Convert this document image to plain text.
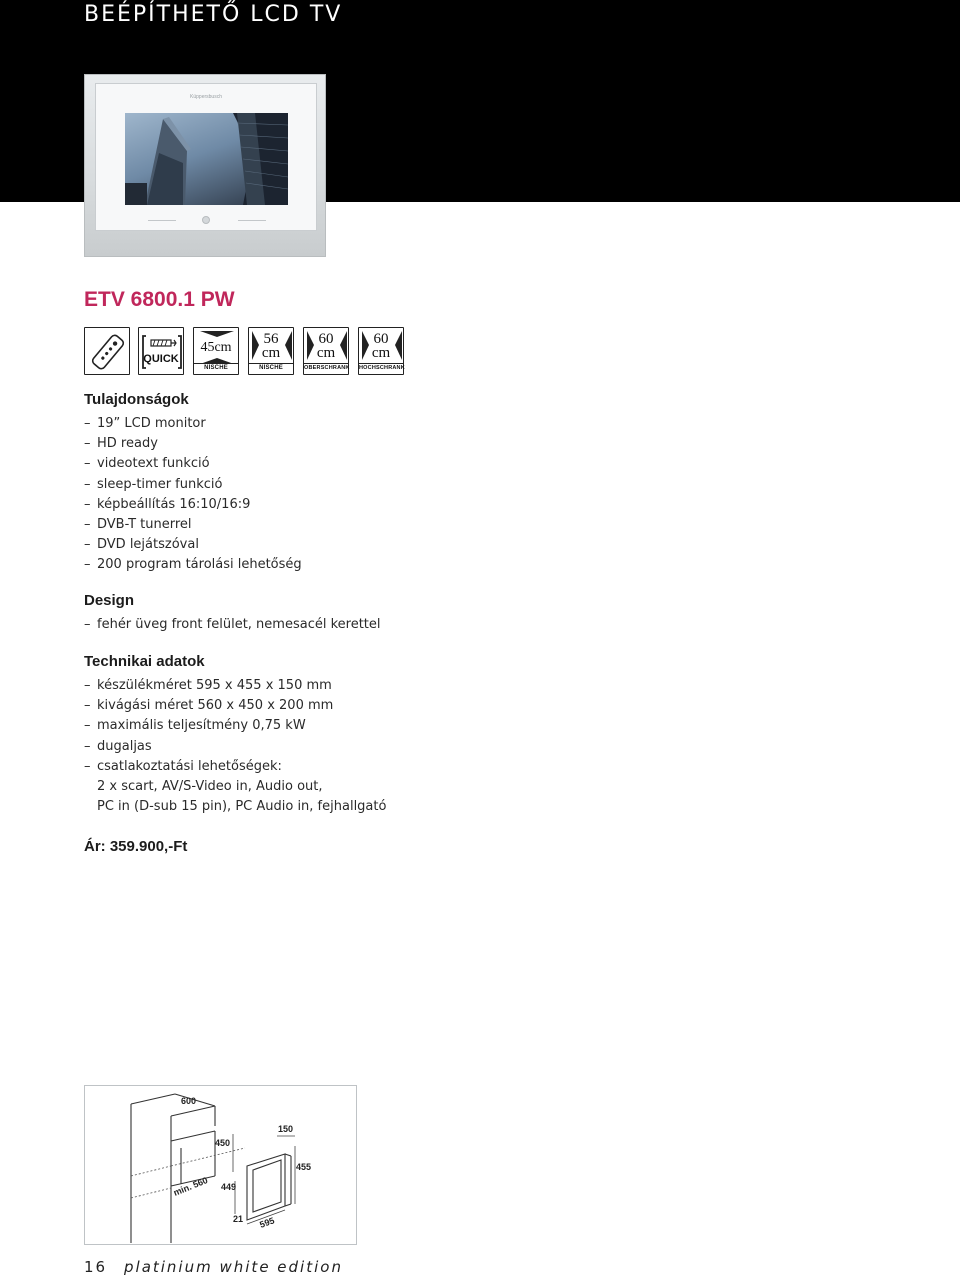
BEÉPÍTHETŐ LCD TV
Küppersbusch
ETV 6800.1 PW
QUICK
45cm
NISCHE
56
cm
NISCHE
60
cm
OBERSCHRANK
60
cm
HOCHSCHRANK
Tulajdonságok
– 19” LCD monitor
– HD ready
– videotext funkció
– sleep-timer funkció
– képbeállítás 16:10/16:9
– DVB-T tunerrel
– DVD lejátszóval
– 200 program tárolási lehetőség
Design
– fehér üveg front felület, nemesacél kerettel
Technikai adatok
– készülékméret 595 x 455 x 150 mm
– kivágási méret 560 x 450 x 200 mm
– maximális teljesítmény 0,75 kW
– dugaljas
– csatlakoztatási lehetőségek:
2 x scart, AV/S-Video in, Audio out,
PC in (D-sub 15 pin), PC Audio in, fejhallgató
Ár: 359.900,-Ft
600
450
150
455
min. 560 449
21 595
16 platinium white edition
